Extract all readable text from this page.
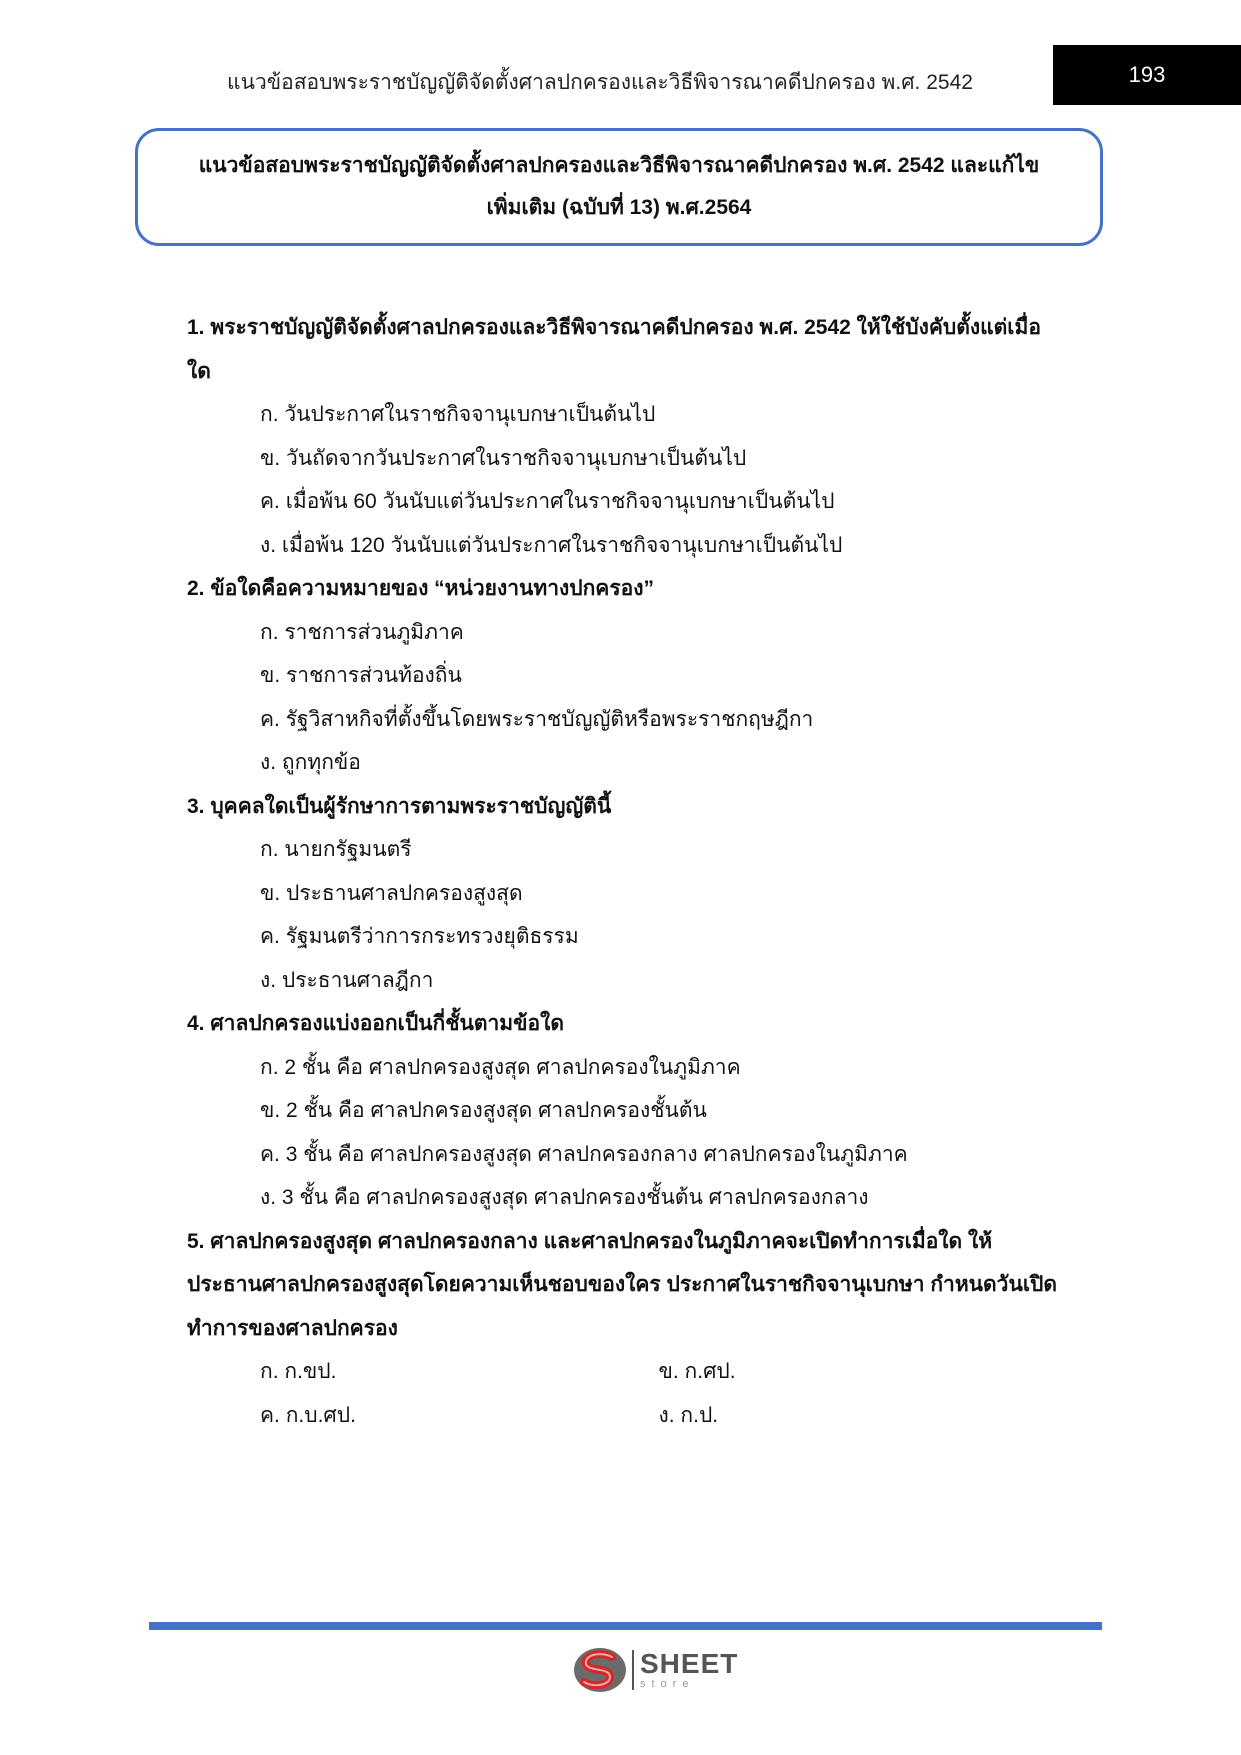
แนวข้อสอบพระราชบัญญัติจัดตั้งศาลปกครองและวิธีพิจารณาคดีปกครอง พ.ศ. 2542	193
แนวข้อสอบพระราชบัญญัติจัดตั้งศาลปกครองและวิธีพิจารณาคดีปกครอง พ.ศ. 2542 และแก้ไข
เพิ่มเติม (ฉบับที่ 13) พ.ศ.2564

1. พระราชบัญญัติจัดตั้งศาลปกครองและวิธีพิจารณาคดีปกครอง พ.ศ. 2542 ให้ใช้บังคับตั้งแต่เมื่อใด

ก. วันประกาศในราชกิจจานุเบกษาเป็นต้นไป

ข. วันถัดจากวันประกาศในราชกิจจานุเบกษาเป็นต้นไป

ค. เมื่อพ้น 60 วันนับแต่วันประกาศในราชกิจจานุเบกษาเป็นต้นไป

ง. เมื่อพ้น 120 วันนับแต่วันประกาศในราชกิจจานุเบกษาเป็นต้นไป

2. ข้อใดคือความหมายของ “หน่วยงานทางปกครอง”

ก. ราชการส่วนภูมิภาค

ข. ราชการส่วนท้องถิ่น

ค. รัฐวิสาหกิจที่ตั้งขึ้นโดยพระราชบัญญัติหรือพระราชกฤษฎีกา

ง. ถูกทุกข้อ

3. บุคคลใดเป็นผู้รักษาการตามพระราชบัญญัตินี้

ก. นายกรัฐมนตรี

ข. ประธานศาลปกครองสูงสุด

ค. รัฐมนตรีว่าการกระทรวงยุติธรรม

ง. ประธานศาลฎีกา

4. ศาลปกครองแบ่งออกเป็นกี่ชั้นตามข้อใด

ก. 2 ชั้น คือ ศาลปกครองสูงสุด ศาลปกครองในภูมิภาค

ข. 2 ชั้น คือ ศาลปกครองสูงสุด ศาลปกครองชั้นต้น

ค. 3 ชั้น คือ ศาลปกครองสูงสุด ศาลปกครองกลาง ศาลปกครองในภูมิภาค

ง. 3 ชั้น คือ ศาลปกครองสูงสุด ศาลปกครองชั้นต้น ศาลปกครองกลาง

5. ศาลปกครองสูงสุด ศาลปกครองกลาง และศาลปกครองในภูมิภาคจะเปิดทำการเมื่อใด ให้ประธานศาลปกครองสูงสุดโดยความเห็นชอบของใคร ประกาศในราชกิจจานุเบกษา กำหนดวันเปิดทำการของศาลปกครอง

ก. ก.ขป.	ข. ก.ศป.
ค. ก.บ.ศป.	ง. ก.ป.
SHEET
store
